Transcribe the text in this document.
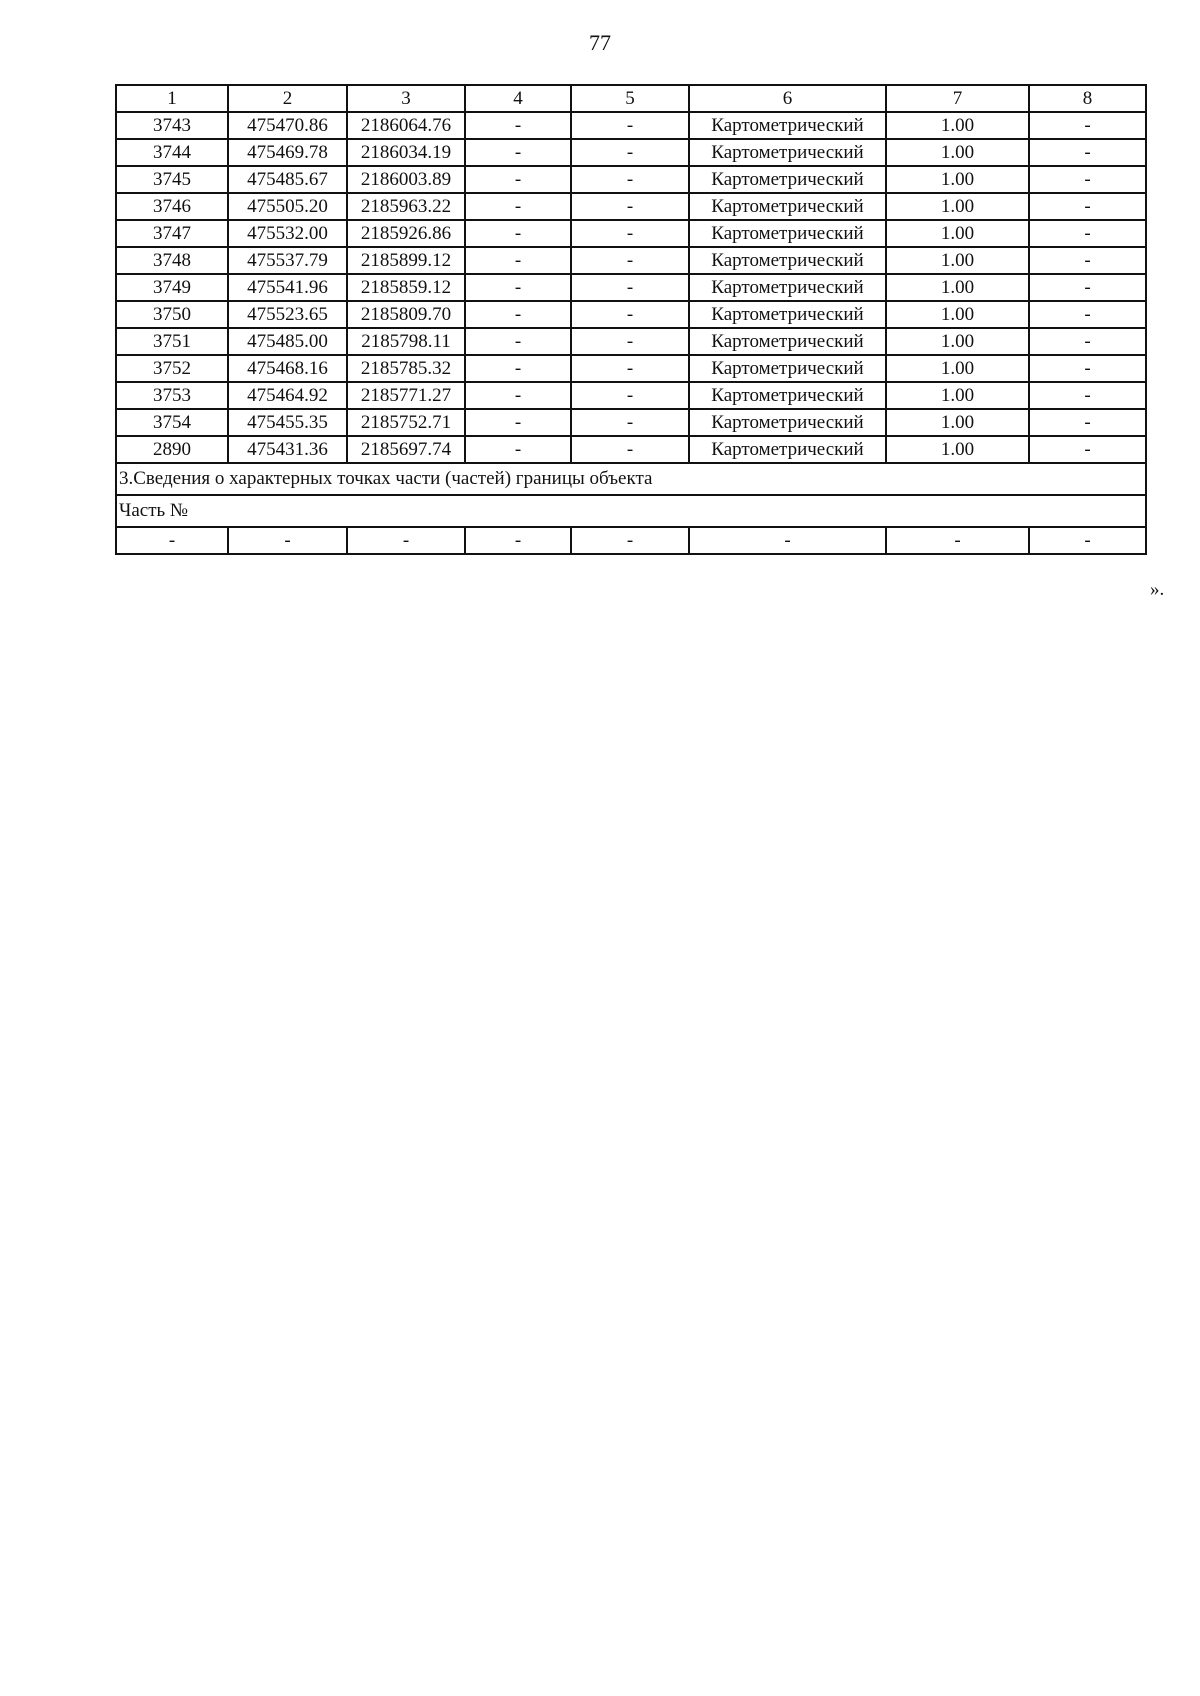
77
1	2	3	4	5	6	7	8
3743	475470.86	2186064.76	-	-	Картометрический	1.00	-
3744	475469.78	2186034.19	-	-	Картометрический	1.00	-
3745	475485.67	2186003.89	-	-	Картометрический	1.00	-
3746	475505.20	2185963.22	-	-	Картометрический	1.00	-
3747	475532.00	2185926.86	-	-	Картометрический	1.00	-
3748	475537.79	2185899.12	-	-	Картометрический	1.00	-
3749	475541.96	2185859.12	-	-	Картометрический	1.00	-
3750	475523.65	2185809.70	-	-	Картометрический	1.00	-
3751	475485.00	2185798.11	-	-	Картометрический	1.00	-
3752	475468.16	2185785.32	-	-	Картометрический	1.00	-
3753	475464.92	2185771.27	-	-	Картометрический	1.00	-
3754	475455.35	2185752.71	-	-	Картометрический	1.00	-
2890	475431.36	2185697.74	-	-	Картометрический	1.00	-
3.Сведения о характерных точках части (частей) границы объекта							
Часть №							
-	-	-	-	-	-	-	-
».
